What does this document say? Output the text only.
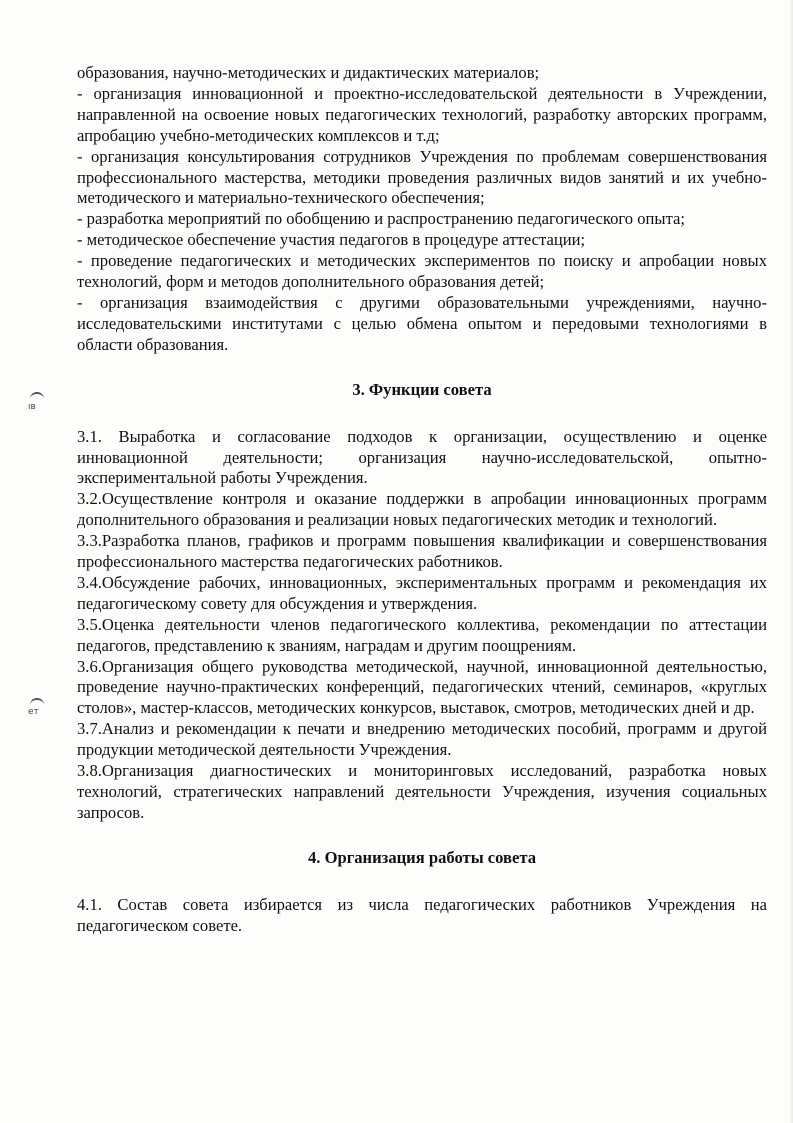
ıв
eт

образования, научно-методических и дидактических материалов;

- организация инновационной и проектно-исследовательской деятельности в Учреждении, направленной на освоение новых педагогических технологий, разработку авторских программ, апробацию учебно-методических комплексов и т.д;

- организация консультирования сотрудников Учреждения по проблемам совершенствования профессионального мастерства, методики проведения различных видов занятий и их учебно-методического и материально-технического обеспечения;

- разработка мероприятий по обобщению и распространению педагогического опыта;

- методическое обеспечение участия педагогов в процедуре аттестации;

- проведение педагогических и методических экспериментов по поиску и апробации новых технологий, форм и методов дополнительного образования детей;

- организация взаимодействия с другими образовательными учреждениями, научно-исследовательскими институтами с целью обмена опытом и передовыми технологиями в области образования.

3. Функции совета

3.1. Выработка и согласование подходов к организации, осуществлению и оценке инновационной деятельности; организация научно-исследовательской, опытно-экспериментальной работы Учреждения.

3.2.Осуществление контроля и оказание поддержки в апробации инновационных программ дополнительного образования и реализации новых педагогических методик и технологий.

3.3.Разработка планов, графиков и программ повышения квалификации и совершенствования профессионального мастерства педагогических работников.

3.4.Обсуждение рабочих, инновационных, экспериментальных программ и рекомендация их педагогическому совету для обсуждения и утверждения.

3.5.Оценка деятельности членов педагогического коллектива, рекомендации по аттестации педагогов, представлению к званиям, наградам и другим поощрениям.

3.6.Организация общего руководства методической, научной, инновационной деятельностью, проведение научно-практических конференций, педагогических чтений, семинаров, «круглых столов», мастер-классов, методических конкурсов, выставок, смотров, методических дней и др.

3.7.Анализ и рекомендации к печати и внедрению методических пособий, программ и другой продукции методической деятельности Учреждения.

3.8.Организация диагностических и мониторинговых исследований, разработка новых технологий, стратегических направлений деятельности Учреждения, изучения социальных запросов.

4. Организация работы совета

4.1. Состав совета избирается из числа педагогических работников Учреждения на педагогическом совете.
